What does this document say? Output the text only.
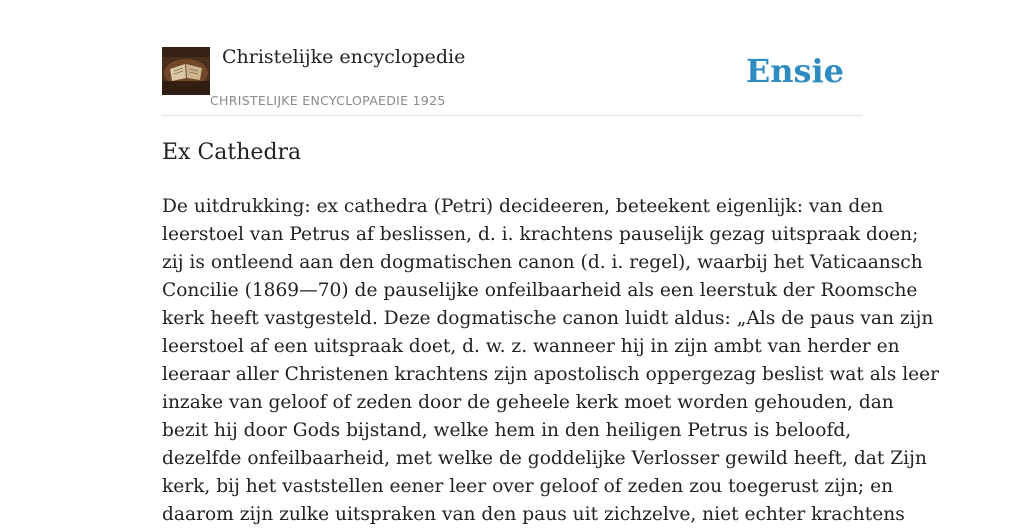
Christelijke encyclopedie
CHRISTELIJKE ENCYCLOPAEDIE 1925
Ensie
Ex Cathedra
De uitdrukking: ex cathedra (Petri) decideeren, beteekent eigenlijk: van den
leerstoel van Petrus af beslissen, d. i. krachtens pauselijk gezag uitspraak doen;
zij is ontleend aan den dogmatischen canon (d. i. regel), waarbij het Vaticaansch
Concilie (1869—70) de pauselijke onfeilbaarheid als een leerstuk der Roomsche
kerk heeft vastgesteld. Deze dogmatische canon luidt aldus: „Als de paus van zijn
leerstoel af een uitspraak doet, d. w. z. wanneer hij in zijn ambt van herder en
leeraar aller Christenen krachtens zijn apostolisch oppergezag beslist wat als leer
inzake van geloof of zeden door de geheele kerk moet worden gehouden, dan
bezit hij door Gods bijstand, welke hem in den heiligen Petrus is beloofd,
dezelfde onfeilbaarheid, met welke de goddelijke Verlosser gewild heeft, dat Zijn
kerk, bij het vaststellen eener leer over geloof of zeden zou toegerust zijn; en
daarom zijn zulke uitspraken van den paus uit zichzelve, niet echter krachtens
